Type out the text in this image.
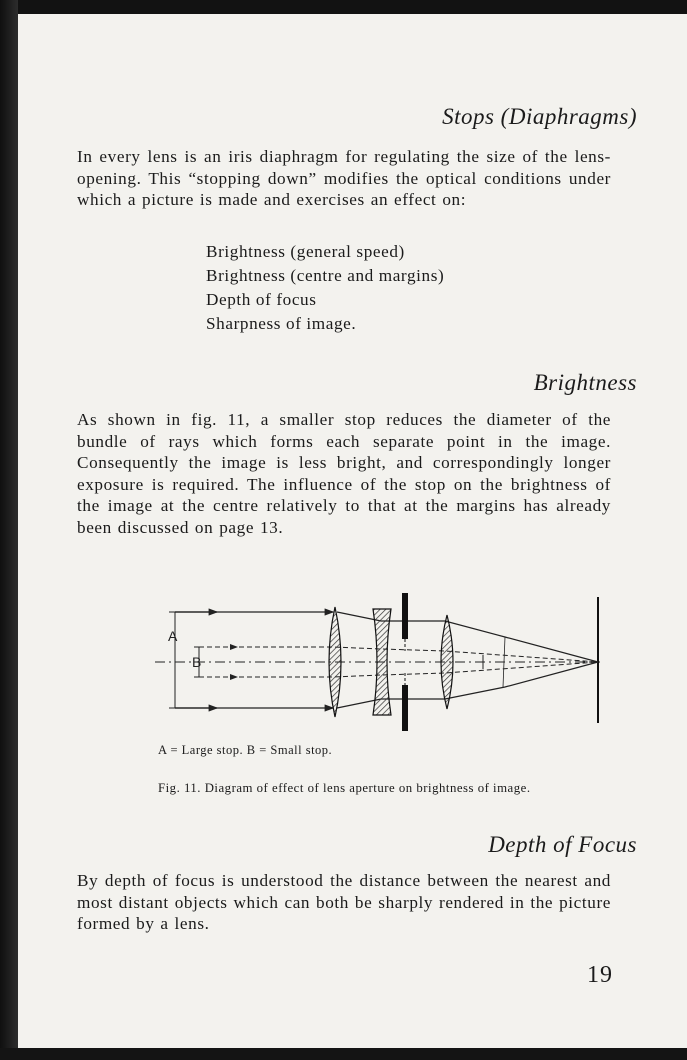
Stops (Diaphragms)

In every lens is an iris diaphragm for regulating the size of the lens-opening. This “stopping down” modifies the optical conditions under which a picture is made and exercises an effect on:

Brightness (general speed)
Brightness (centre and margins)
Depth of focus
Sharpness of image.
Brightness

As shown in fig. 11, a smaller stop reduces the diameter of the bundle of rays which forms each separate point in the image. Consequently the image is less bright, and correspondingly longer exposure is required. The influence of the stop on the brightness of the image at the centre relatively to that at the margins has already been discussed on page 13.

A
B
A = Large stop. B = Small stop.
Fig. 11. Diagram of effect of lens aperture on brightness of image.
Depth of Focus

By depth of focus is understood the distance between the nearest and most distant objects which can both be sharply rendered in the picture formed by a lens.

19
